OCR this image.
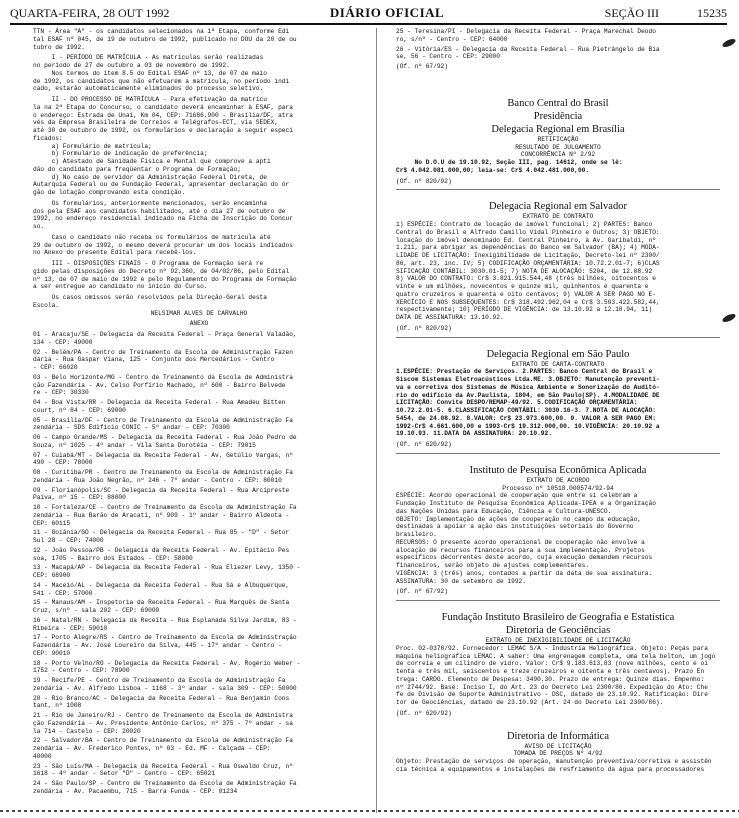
QUARTA-FEIRA, 28 OUT 1992	DIÁRIO OFICIAL	SEÇÃO III	15235

TTN - Área "A" - os candidatos selecionados na 1ª Etapa, conforme Edi

tal ESAF nº 045, de 19 de outubro de 1992, publicado no DOU da 20 de ou

tubro de 1992.

I - PERÍODO DE MATRÍCULA - As matrículas serão realizadas

no período de 27 de outubro a 03 de novembro de 1992.

Nos termos do item 8.5 do Edital ESAF nº 13, de 07 de maio

de 1992, os candidatos que não efetuarem a matrícula, no período indi

cado, estarão automaticamente eliminados do processo seletivo.

II - DO PROCESSO DE MATRÍCULA - Para efetivação da matrícu

la na 2ª Etapa do Concurso, o candidato deverá encaminhar à ESAF, para

o endereço: Estrada de Unaí, Km 04, CEP: 71686.900 - Brasília/DF, atra

vés da Empresa Brasileira de Correios e Telégrafos-ECT, via SEDEX,

até 30 de outubro de 1992, os formulários e declaração a seguir especi

ficados:

a) Formulário de matrícula;

b) Formulário de indicação de preferência;

c) Atestado de Sanidade Física e Mental que comprove a apti

dão do candidato para freqüentar o Programa de Formação;

d) No caso de servidor da Administração Federal Direta, de

Autarquia Federal ou de Fundação Federal, apresentar declaração do ór

gão de lotação comprovando esta condição.

Os formulários, anteriormente mencionados, serão encaminha

dos pela ESAF aos candidatos habilitados, até o dia 27 de outubro de

1992, no endereço residencial indicado na Ficha de Inscrição do Concur

so.

Caso o candidato não receba os formulários de matrícula até

29 de outubro de 1992, o mesmo deverá procurar um dos locais indicados

no Anexo do presente Edital para recebê-los.

III - DISPOSIÇÕES FINAIS - O Programa de Formação será re

gido pelas disposições do Decreto nº 92.360, de 04/02/86, pelo Edital

nº 13, de 07 de maio de 1992 e pelo Regulamento do Programa de Formação

a ser entregue ao candidato no início do Curso.

Os casos omissos serão resolvidos pela Direção-Geral desta

Escola.

NELSIMAR ALVES DE CARVALHO

ANEXO

01 - Aracaju/SE - Delegacia da Receita Federal - Praça General Valadão,

134 - CEP: 49000

02 - Belém/PA - Centro de Treinamento da Escola de Administração Fazen

dária - Rua Gaspar Viana, 125 - Conjunto dos Mercedários - Centro

- CEP: 66020

03 - Belo Horizonte/MG - Centro de Treinamento da Escola de Administra

ção Fazendária - Av. Celso Porfírio Machado, nº 600 - Bairro Belvede

re - CEP: 30330

04 - Boa Vista/RR - Delegacia da Receita Federal - Rua Amadeu Bitten

court, nº 84 - CEP: 69000

05 - Brasília/DF - Centro de Treinamento da Escola de Administração Fa

zendária - SDS Edifício CONIC - 5º andar - CEP: 70300

06 - Campo Grande/MS - Delegacia da Receita Federal - Rua João Pedro de

Souza, nº 1025 - 4º andar - Vila Santa Dorotéia - CEP: 79015

07 - Cuiabá/MT - Delegacia da Receita Federal - Av. Getúlio Vargas, nº

490 - CEP: 78000

08 - Curitiba/PR - Centro de Treinamento da Escola de Administração Fa

zendária - Rua João Negrão, nº 246 - 7º andar - Centro - CEP: 80010

09 - Florianópolis/SC - Delegacia da Receita Federal - Rua Arcipreste

Paiva, nº 15 - CEP: 88000

10 - Fortaleza/CE - Centro de Treinamento da Escola de Administração Fa

zendária - Rua Barão de Aracati, nº 909 - 1º andar - Bairro Aldeota -

CEP: 60115

11 - Goiânia/GO - Delegacia da Receita Federal - Rua 85 - "D" - Setor

Sul 28 - CEP: 74000

12 - João Pessoa/PB - Delegacia da Receita Federal - Av. Epitácio Pes

soa, 1705 - Bairro dos Estados - CEP: 58000

13 - Macapá/AP - Delegacia da Receita Federal - Rua Eliezer Levy, 1350 -

CEP: 68900

14 - Maceió/AL - Delegacia da Receita Federal - Rua Sá e Albuquerque,

541 - CEP: 57000

15 - Manaus/AM - Inspetoria da Receita Federal - Rua Marquês de Santa

Cruz, s/nº - sala 202 - CEP: 69000

16 - Natal/RN - Delegacia da Receita - Rua Esplanada Silva Jardim, 83 -

Ribeira - CEP: 59010

17 - Porto Alegre/RS - Centro de Treinamento da Escola de Administração

Fazendária - Av. José Loureiro da Silva, 445 - 17º andar - Centro -

CEP: 90010

18 - Porto Velho/RO - Delegacia da Receita Federal - Av. Rogério Weber -

1752 - Centro - CEP: 78900

19 - Recife/PE - Centro de Treinamento da Escola de Administração Fa

zendária - Av. Alfredo Lisboa - 1168 - 3º andar - sala 309 - CEP: 50000

20 - Rio Branco/AC - Delegacia da Receita Federal - Rua Benjamin Cons

tant, nº 1008

21 - Rio de Janeiro/RJ - Centro de Treinamento da Escola de Administra

ção Fazendária - Av. Presidente Antônio Carlos, nº 375 - 7º andar - sa

la 714 - Castelo - CEP: 20020

22 - Salvador/BA - Centro de Treinamento da Escola de Administração Fa

zendária - Av. Frederico Pontes, nº 03 - Ed. MF - Calçada - CEP:

40000

23 - São Luís/MA - Delegacia da Receita Federal - Rua Oswaldo Cruz, nº

1618 - 4º andar - Setor "D" - Centro - CEP: 65021

24 - São Paulo/SP - Centro de Treinamento da Escola de Administração Fa

zendária - Av. Pacaembu, 715 - Barra Funda - CEP: 01234

25 - Teresina/PI - Delegacia da Receita Federal - Praça Marechal Deodo

ro, s/nº - Centro - CEP: 64000

26 - Vitória/ES - Delegacia da Receita Federal - Rua Pietrângelo de Bia

se, 56 - Centro - CEP: 29000

(Of. nº 67/92)

Banco Central do Brasil

Presidência

Delegacia Regional em Brasília

RETIFICAÇÃO

RESULTADO DE JULGAMENTO

CONCORRÊNCIA Nº 2/92

No D.O.U de 19.10.92, Seção III, pag. 14612, onde se lê:

Cr$ 4.042.081.000,00; leia-se: Cr$ 4.042.481.000,00.

(Of. nº 820/92)

Delegacia Regional em Salvador

EXTRATO DE CONTRATO

1) ESPÉCIE: Contrato de locação de imóvel funcional; 2) PARTES: Banco

Central do Brasil e Alfredo Camillo Vidal Pinheiro e Outros; 3) OBJETO:

locação do imóvel denominado Ed. Central Pinheiro, à Av. Garibaldi, nº

1.211, para abrigar as dependências do Banco em Salvador (BA); 4) MODA-

LIDADE DE LICITAÇÃO: Inexigibilidade de Licitação, Decreto-lei nº 2300/

86, art. 23, inc. IV; 5) CODIFICAÇÃO ORÇAMENTÁRIA: 10.72.2.01-7; 6)CLAS

SIFICAÇÃO CONTÁBIL: 3030.01-5; 7) NOTA DE ALOCAÇÃO: 5204, de 12.08.92

8) VALOR DO CONTRATO: Cr$ 3.821.915.544,48 (três bilhões, oitocentos e

vinte e um milhões, novecentos e quinze mil, quinhentos e quarenta e

quatro cruzeiros e quarenta e oito centavos; 9) VALOR A SER PAGO NO E-

XERCÍCIO E NOS SUBSEQUENTES: Cr$ 318.492.962,04 e Cr$ 3.503.422.582,44,

respectivamente; 10) PERÍODO DE VIGÊNCIA: de 13.10.92 a 12.10.94, 11)

DATA DE ASSINATURA: 13.10.92.

(Of. nº 820/92)

Delegacia Regional em São Paulo

EXTRATO DE CARTA-CONTRATO

1.ESPÉCIE: Prestação de Serviços. 2.PARTES: Banco Central do Brasil e

Siscom Sistemas Eletroacústicos Ltda.ME. 3.OBJETO: Manutenção preventi-

va e corretiva dos Sistemas de Música Ambiente e Sonorização do Auditó-

rio do edifício da Av.Paulista, 1804, em São Paulo(SP). 4.MODALIDADE DE

LICITAÇÃO: Convite DESPO/REMAP-49/92. 5.CODIFICAÇÃO ORÇAMENTÁRIA:

10.72.2.01-5. 6.CLASSIFICAÇÃO CONTÁBIL: 3030.16-3. 7.NOTA DE ALOCAÇÃO:

5454, de 24.08.92. 8.VALOR: Cr$ 23.973.600,00. 9. VALOR A SER PAGO EM:

1992-Cr$ 4.661.600,00 e 1993-Cr$ 19.312.000,00. 10.VIGÊNCIA: 20.10.92 a

19.10.93. 11.DATA DA ASSINATURA: 20.10.92.

(Of. nº 620/92)

Instituto de Pesquisa Econômica Aplicada

EXTRATO DE ACORDO

Processo nº 10518.000574/92-94

ESPÉCIE: Acordo operacional de cooperação que entre si celebram a

Fundação Instituto de Pesquisa Econômica Aplicada-IPEA e a Organização

das Nações Unidas para Educação, Ciência e Cultura-UNESCO.

OBJETO: Implementação de ações de cooperação no campo da educação,

destinadas a apoiar a ação das instituições setoriais do Governo

brasileiro.

RECURSOS: O presente acordo operacional de cooperação não envolve a

alocação de recursos financeiros para a sua implementação. Projetos

específicos decorrentes deste acordo, cuja execução demandem recursos

financeiros, serão objeto de ajustes complementares.

VIGÊNCIA: 3 (três) anos, contados a partir da data de sua assinatura.

ASSINATURA: 30 de setembro de 1992.

(Of. nº 67/92)

Fundação Instituto Brasileiro de Geografia e Estatística

Diretoria de Geociências

EXTRATO DE INEXIGIBILIDADE DE LICITAÇÃO

Proc. 02-0378/92. Fornecedor: LEMAC S/A - Indústria Heliográfica. Objeto: Peças para

máquina heliográfica LEMAC. A saber: Uma engrenagem completa, uma tela belton, um jogo

de correia e um cilindro de vidro. Valor: Cr$ 9.183.613,83 (nove milhões, cento e oi

tenta e três mil, seiscentos e treze cruzeiros e oitenta e três centavos). Prazo En

trega: CARDG. Elemento de Despesa: 3490.30. Prazo de entrega: Quinze dias. Empenho:

nº 2744/92. Base: Inciso I, do Art. 23 do Decreto Lei 2300/86. Expedição do Ato: Che

fe de Divisão de Suporte Administrativo - DSC, datado de 23.10.92. Ratificação: Dire

tor de Geociências, datado de 23.10.92 (Art. 24 do Decreto Lei 2300/86).

(Of. nº 620/92)

Diretoria de Informática

AVISO DE LICITAÇÃO

TOMADA DE PREÇOS Nº 4/92

Objeto: Prestação de serviços de operação, manutenção preventiva/corretiva e assistên

cia técnica a equipamentos e instalações de resfriamento da água para processadores
